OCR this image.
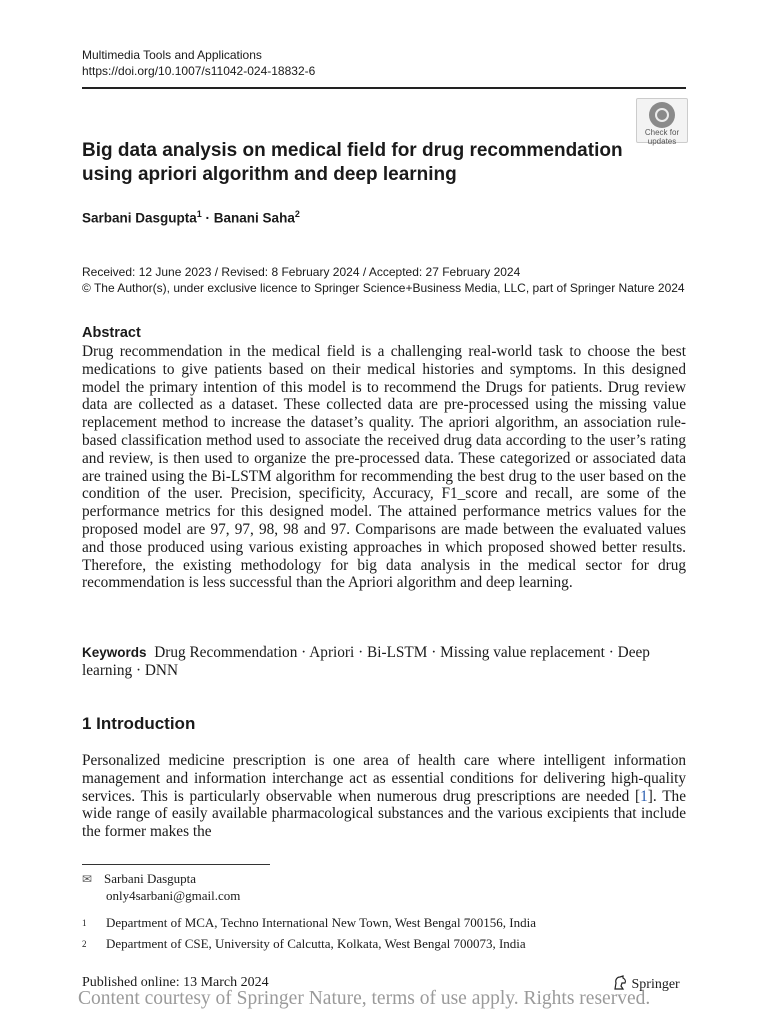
Multimedia Tools and Applications
https://doi.org/10.1007/s11042-024-18832-6
Check for
updates
Big data analysis on medical field for drug recommendation using apriori algorithm and deep learning
Sarbani Dasgupta$^1$ · Banani Saha$^2$
Received: 12 June 2023 / Revised: 8 February 2024 / Accepted: 27 February 2024
© The Author(s), under exclusive licence to Springer Science+Business Media, LLC, part of Springer Nature 2024
Abstract
Drug recommendation in the medical field is a challenging real-world task to choose the best medications to give patients based on their medical histories and symptoms. In this designed model the primary intention of this model is to recommend the Drugs for patients. Drug review data are collected as a dataset. These collected data are pre-processed using the missing value replacement method to increase the dataset’s quality. The apriori algorithm, an association rule-based classification method used to associate the received drug data according to the user’s rating and review, is then used to organize the pre-processed data. These categorized or associated data are trained using the Bi-LSTM algorithm for recommending the best drug to the user based on the condition of the user. Precision, specificity, Accuracy, F1_score and recall, are some of the performance metrics for this designed model. The attained performance metrics values for the proposed model are 97, 97, 98, 98 and 97. Comparisons are made between the evaluated values and those produced using various existing approaches in which proposed showed better results. Therefore, the existing methodology for big data analysis in the medical sector for drug recommendation is less successful than the Apriori algorithm and deep learning.
Keywords Drug Recommendation · Apriori · Bi-LSTM · Missing value replacement · Deep learning · DNN
1 Introduction
Personalized medicine prescription is one area of health care where intelligent information management and information interchange act as essential conditions for delivering high-quality services. This is particularly observable when numerous drug prescriptions are needed [1]. The wide range of easily available pharmacological substances and the various excipients that include the former makes the
✉ Sarbani Dasgupta
only4sarbani@gmail.com
$^1$ Department of MCA, Techno International New Town, West Bengal 700156, India
$^2$ Department of CSE, University of Calcutta, Kolkata, West Bengal 700073, India
Published online: 13 March 2024	Springer
Content courtesy of Springer Nature, terms of use apply. Rights reserved.
